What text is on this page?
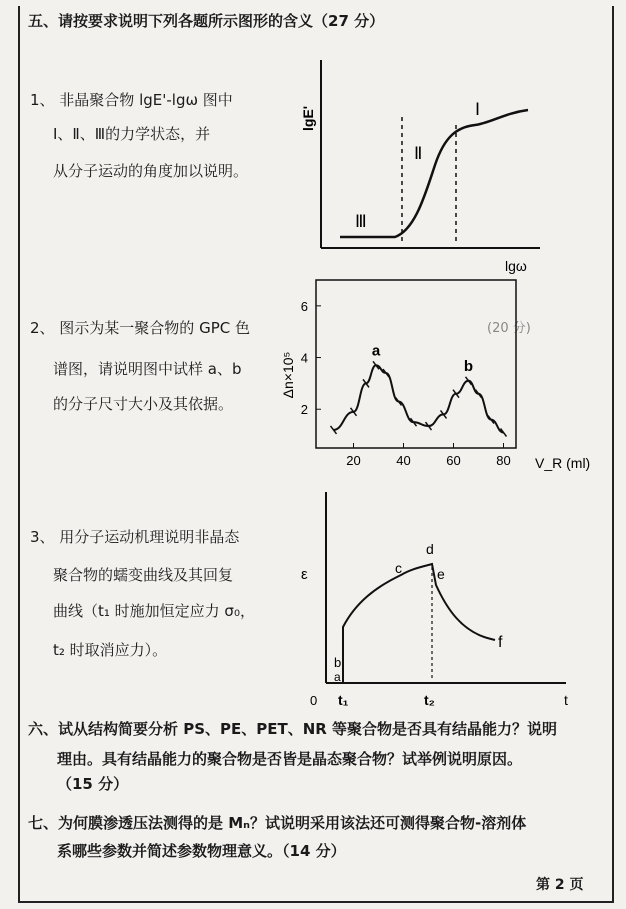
五、请按要求说明下列各题所示图形的含义（27 分）
1、 非晶聚合物 lgE'-lgω 图中
Ⅰ、Ⅱ、Ⅲ的力学状态，并
从分子运动的角度加以说明。
lgE'
lgω
Ⅰ
Ⅱ
Ⅲ
2、 图示为某一聚合物的 GPC 色
谱图，请说明图中试样 a、b
的分子尺寸大小及其依据。
(20 分)
20	40	60	80
2
4
6
a
b
Δn×10⁵
V_R (ml)
3、 用分子运动机理说明非晶态
聚合物的蠕变曲线及其回复
曲线（t₁ 时施加恒定应力 σ₀，
t₂ 时取消应力）。
ε
t
0 t₁	t₂
a
b
c
d
e
f
六、试从结构简要分析 PS、PE、PET、NR 等聚合物是否具有结晶能力？说明
理由。具有结晶能力的聚合物是否皆是晶态聚合物？试举例说明原因。
（15 分）
七、为何膜渗透压法测得的是 Mₙ？试说明采用该法还可测得聚合物-溶剂体
系哪些参数并简述参数物理意义。（14 分）
第 2 页
